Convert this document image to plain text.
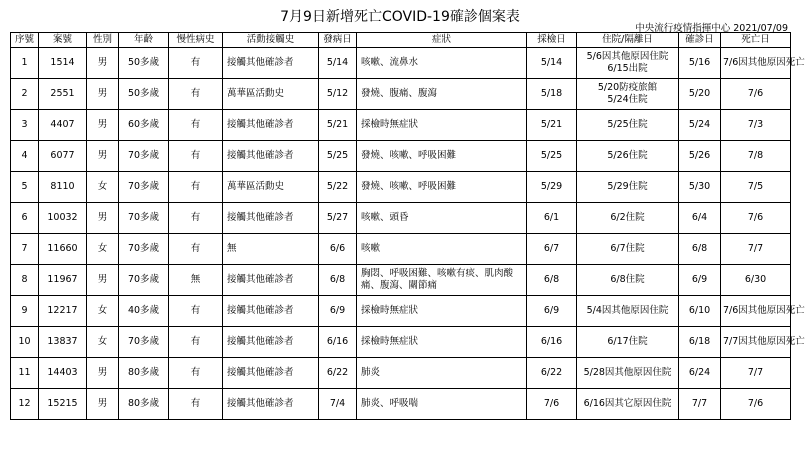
7月9日新增死亡COVID-19確診個案表
中央流行疫情指揮中心 2021/07/09
序號	案號	性別	年齡	慢性病史	活動接觸史	發病日	症狀	採檢日	住院/隔離日	確診日	死亡日
1	1514	男	50多歲	有	接觸其他確診者	5/14	咳嗽、流鼻水	5/14	5/6因其他原因住院
6/15出院	5/16	7/6因其他原因死亡
2	2551	男	50多歲	有	萬華區活動史	5/12	發燒、腹痛、腹瀉	5/18	5/20防疫旅館
5/24住院	5/20	7/6
3	4407	男	60多歲	有	接觸其他確診者	5/21	採檢時無症狀	5/21	5/25住院	5/24	7/3
4	6077	男	70多歲	有	接觸其他確診者	5/25	發燒、咳嗽、呼吸困難	5/25	5/26住院	5/26	7/8
5	8110	女	70多歲	有	萬華區活動史	5/22	發燒、咳嗽、呼吸困難	5/29	5/29住院	5/30	7/5
6	10032	男	70多歲	有	接觸其他確診者	5/27	咳嗽、頭昏	6/1	6/2住院	6/4	7/6
7	11660	女	70多歲	有	無	6/6	咳嗽	6/7	6/7住院	6/8	7/7
8	11967	男	70多歲	無	接觸其他確診者	6/8	胸悶、呼吸困難、咳嗽有痰、肌肉酸痛、腹瀉、關節痛	6/8	6/8住院	6/9	6/30
9	12217	女	40多歲	有	接觸其他確診者	6/9	採檢時無症狀	6/9	5/4因其他原因住院	6/10	7/6因其他原因死亡
10	13837	女	70多歲	有	接觸其他確診者	6/16	採檢時無症狀	6/16	6/17住院	6/18	7/7因其他原因死亡
11	14403	男	80多歲	有	接觸其他確診者	6/22	肺炎	6/22	5/28因其他原因住院	6/24	7/7
12	15215	男	80多歲	有	接觸其他確診者	7/4	肺炎、呼吸喘	7/6	6/16因其它原因住院	7/7	7/6
